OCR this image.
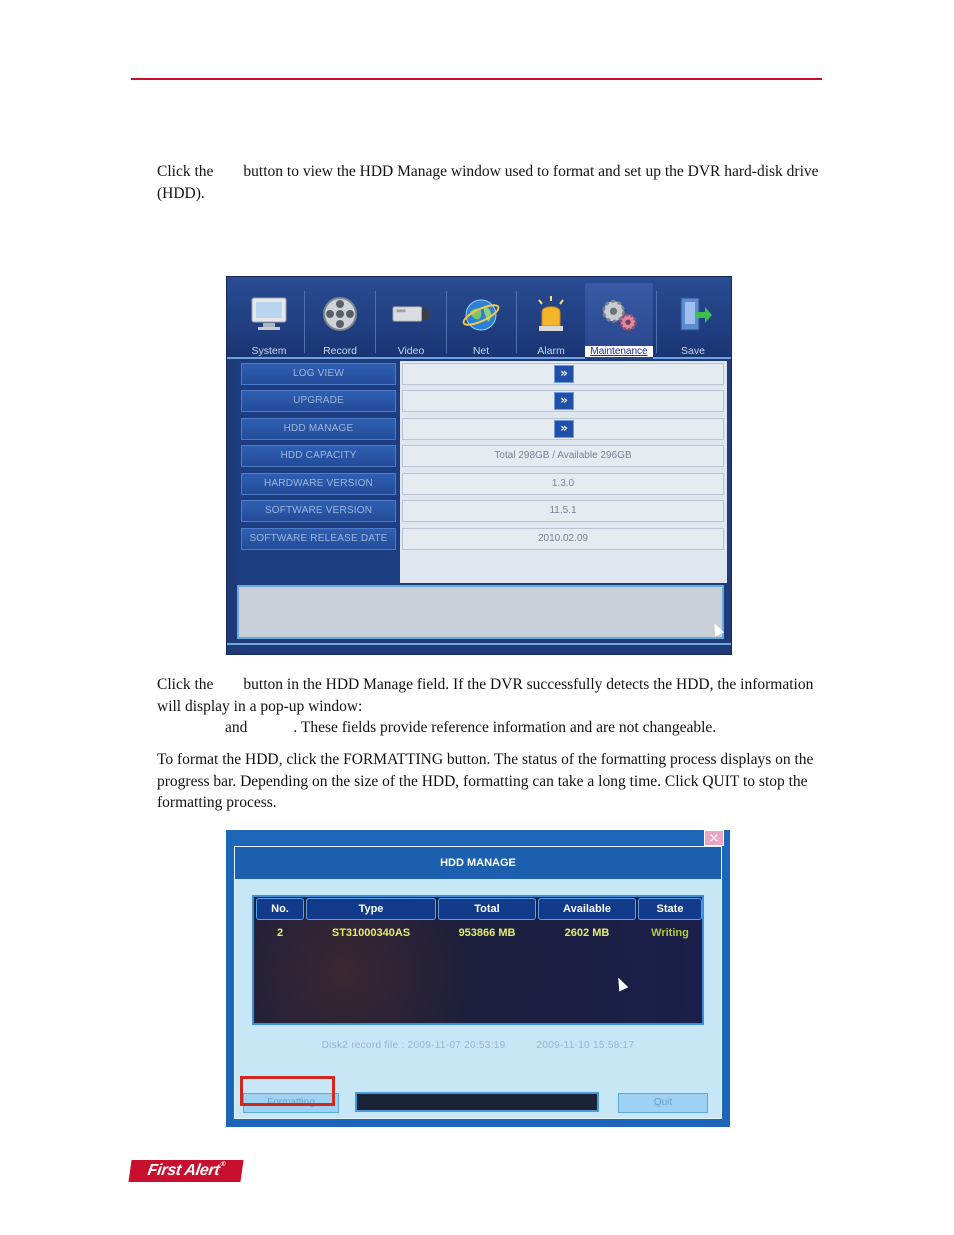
Click the button to view the HDD Manage window used to format and set up the DVR hard-disk drive (HDD).

System	Record	Video	Net	Alarm	Maintenance	Save
LOG VIEW	»
UPGRADE	»
HDD MANAGE	»
HDD CAPACITY	Total 298GB / Available 296GB
HARDWARE VERSION	1.3.0
SOFTWARE VERSION	11.5.1
SOFTWARE RELEASE DATE	2010.02.09

Click the button in the HDD Manage field. If the DVR successfully detects the HDD, the information will display in a pop-up window:
and	. These fields provide reference information and are not changeable.

To format the HDD, click the FORMATTING button. The status of the formatting process displays on the progress bar. Depending on the size of the HDD, formatting can take a long time. Click QUIT to stop the formatting process.

×
HDD MANAGE
No.	Type	Total	Available	State
2	ST31000340AS	953866 MB	2602 MB	Writing
Disk2 record file : 2009-11-07 20:53:19	2009-11-10 15:58:17
Formatting	Quit
First Alert®
